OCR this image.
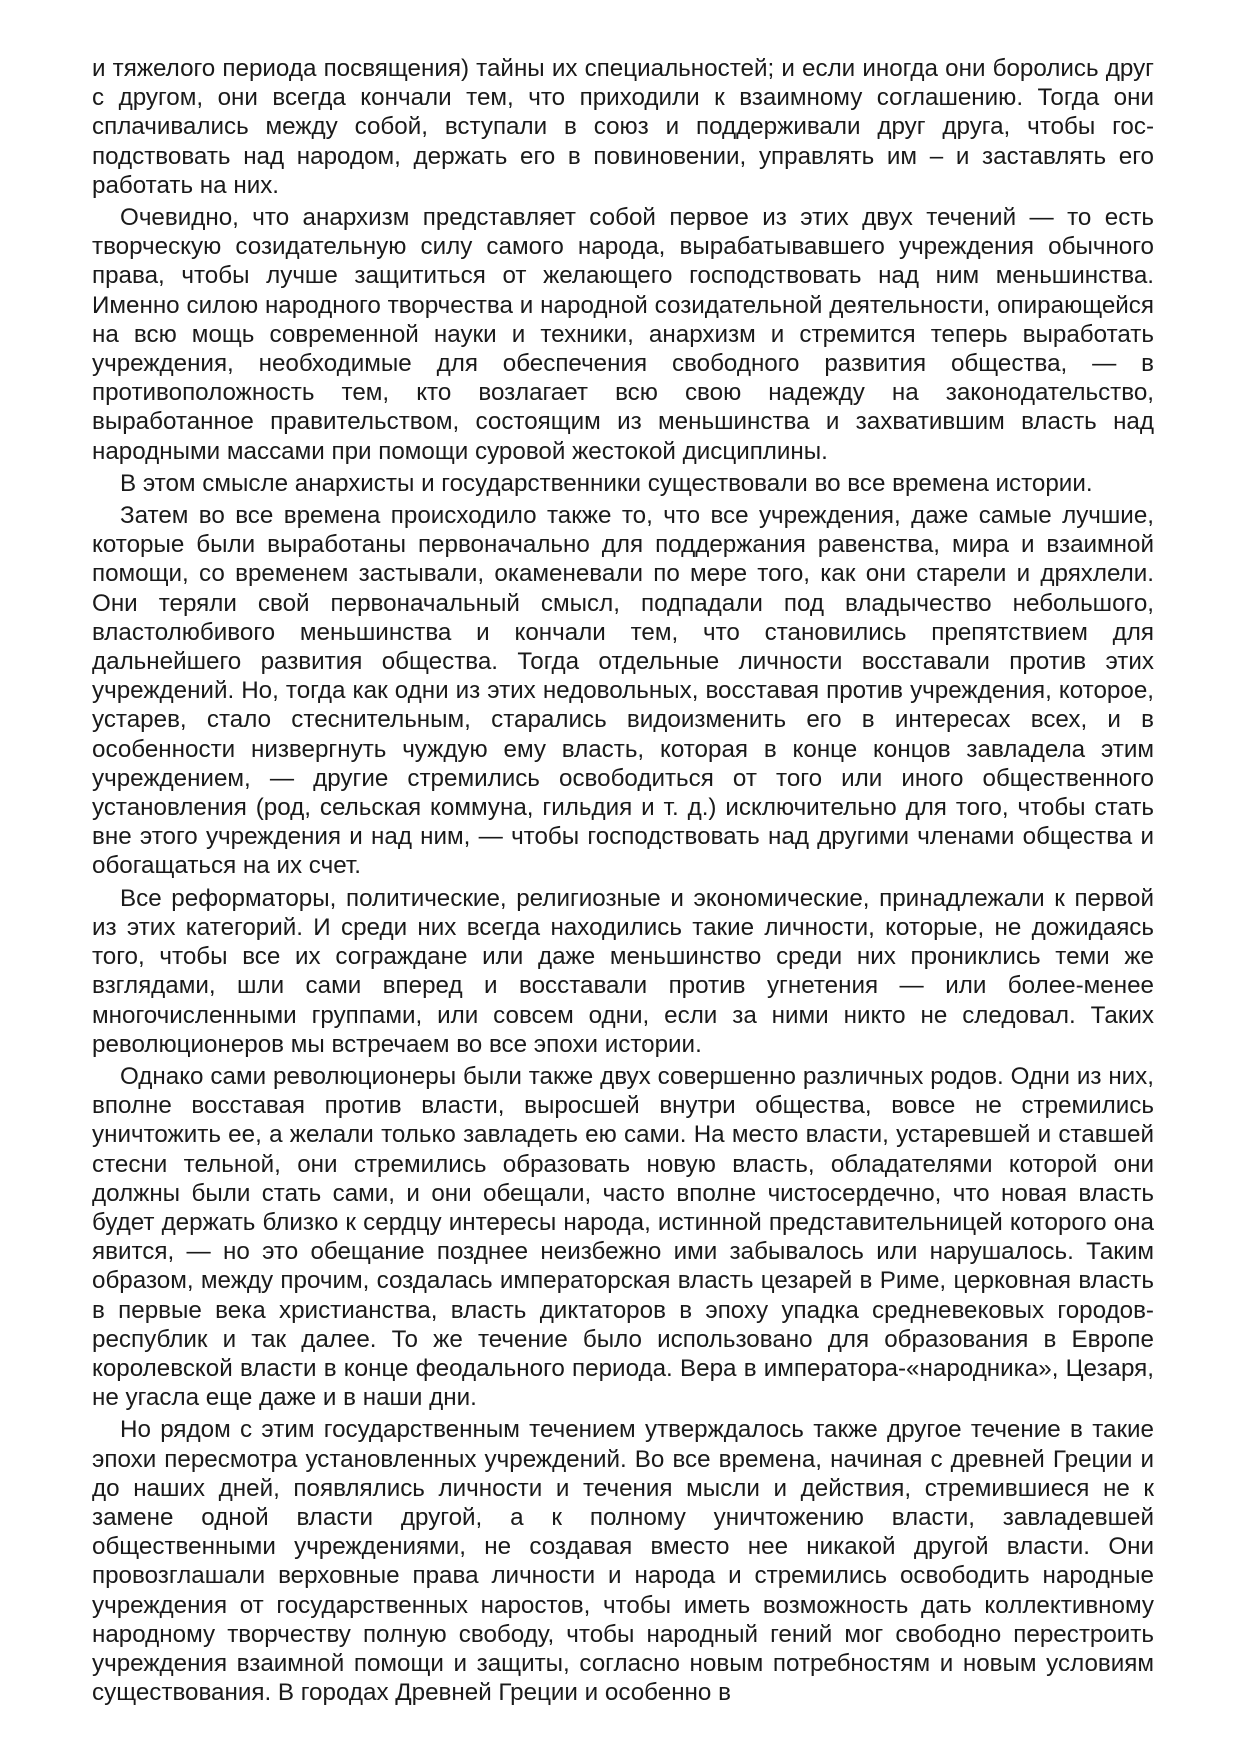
и тяжелого периода посвящения) тайны их специальностей; и если иногда они боролись друг с другом, они всегда кончали тем, что приходили к взаимному соглашению. Тогда они сплачивались между собой, вступали в союз и поддерживали друг друга, чтобы господствовать над народом, держать его в повиновении, управлять им – и заставлять его работать на них.

Очевидно, что анархизм представляет собой первое из этих двух течений — то есть творческую созидательную силу самого народа, вырабатывавшего учреждения обычного права, чтобы лучше защититься от желающего господствовать над ним меньшинства. Именно силою народного творчества и народной созидательной деятельности, опирающейся на всю мощь современной науки и техники, анархизм и стремится теперь выработать учреждения, необходимые для обеспечения свободного развития общества, — в противоположность тем, кто возлагает всю свою надежду на законодательство, выработанное правительством, состоящим из меньшинства и захватившим власть над народными массами при помощи суровой жестокой дисциплины.

В этом смысле анархисты и государственники существовали во все времена истории.

Затем во все времена происходило также то, что все учреждения, даже самые лучшие, которые были выработаны первоначально для поддержания равенства, мира и взаимной помощи, со временем застывали, окаменевали по мере того, как они старели и дряхлели. Они теряли свой первоначальный смысл, подпадали под владычество небольшого, властолюбивого меньшинства и кончали тем, что становились препятствием для дальнейшего развития общества. Тогда отдельные личности восставали против этих учреждений. Но, тогда как одни из этих недовольных, восставая против учреждения, которое, устарев, стало стеснительным, старались видоизменить его в интересах всех, и в особенности низвергнуть чуждую ему власть, которая в конце концов завладела этим учреждением, — другие стремились освободиться от того или иного общественного установления (род, сельская коммуна, гильдия и т. д.) исключительно для того, чтобы стать вне этого учреждения и над ним, — чтобы господствовать над другими членами общества и обогащаться на их счет.

Все реформаторы, политические, религиозные и экономические, принадлежали к первой из этих категорий. И среди них всегда находились такие личности, которые, не дожидаясь того, чтобы все их сограждане или даже меньшинство среди них прониклись теми же взглядами, шли сами вперед и восставали против угнетения — или более-менее многочисленными группами, или совсем одни, если за ними никто не следовал. Таких революционеров мы встречаем во все эпохи истории.

Однако сами революционеры были также двух совершенно различных родов. Одни из них, вполне восставая против власти, выросшей внутри общества, вовсе не стремились уничтожить ее, а желали только завладеть ею сами. На место власти, устаревшей и ставшей стесни тельной, они стремились образовать новую власть, обладателями которой они должны были стать сами, и они обещали, часто вполне чистосердечно, что новая власть будет держать близко к сердцу интересы народа, истинной представительницей которого она явится, — но это обещание позднее неизбежно ими забывалось или нарушалось. Таким образом, между прочим, создалась императорская власть цезарей в Риме, церковная власть в первые века христианства, власть диктаторов в эпоху упадка средневековых городов-республик и так далее. То же течение было использовано для образования в Европе королевской власти в конце феодального периода. Вера в императора-«народника», Цезаря, не угасла еще даже и в наши дни.

Но рядом с этим государственным течением утверждалось также другое течение в такие эпохи пересмотра установленных учреждений. Во все времена, начиная с древней Греции и до наших дней, появлялись личности и течения мысли и действия, стремившиеся не к замене одной власти другой, а к полному уничтожению власти, завладевшей общественными учреждениями, не создавая вместо нее никакой другой власти. Они провозглашали верховные права личности и народа и стремились освободить народные учреждения от государственных наростов, чтобы иметь возможность дать коллективному народному творчеству полную свободу, чтобы народный гений мог свободно перестроить учреждения взаимной помощи и защиты, согласно новым потребностям и новым условиям существования. В городах Древней Греции и особенно в
